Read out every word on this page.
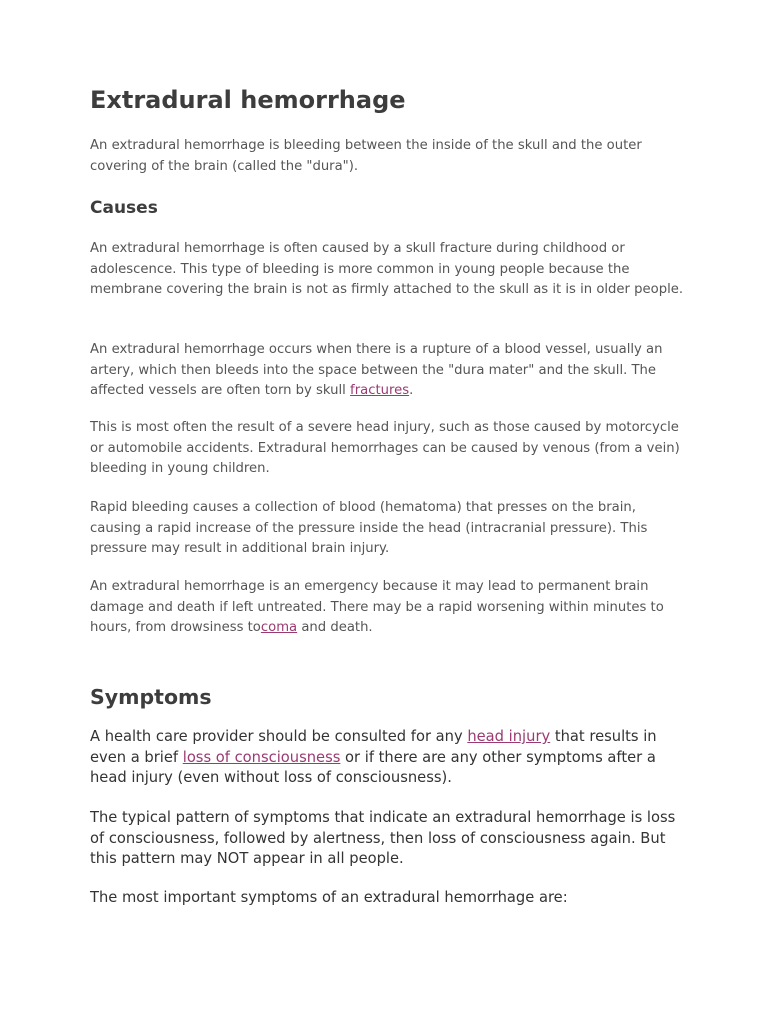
Extradural hemorrhage

An extradural hemorrhage is bleeding between the inside of the skull and the outer covering of the brain (called the "dura").

Causes

An extradural hemorrhage is often caused by a skull fracture during childhood or adolescence. This type of bleeding is more common in young people because the membrane covering the brain is not as firmly attached to the skull as it is in older people.

An extradural hemorrhage occurs when there is a rupture of a blood vessel, usually an artery, which then bleeds into the space between the "dura mater" and the skull. The affected vessels are often torn by skull fractures.

This is most often the result of a severe head injury, such as those caused by motorcycle or automobile accidents. Extradural hemorrhages can be caused by venous (from a vein) bleeding in young children.

Rapid bleeding causes a collection of blood (hematoma) that presses on the brain, causing a rapid increase of the pressure inside the head (intracranial pressure). This pressure may result in additional brain injury.

An extradural hemorrhage is an emergency because it may lead to permanent brain damage and death if left untreated. There may be a rapid worsening within minutes to hours, from drowsiness tocoma and death.

Symptoms

A health care provider should be consulted for any head injury that results in even a brief loss of consciousness or if there are any other symptoms after a head injury (even without loss of consciousness).

The typical pattern of symptoms that indicate an extradural hemorrhage is loss of consciousness, followed by alertness, then loss of consciousness again. But this pattern may NOT appear in all people.

The most important symptoms of an extradural hemorrhage are:
